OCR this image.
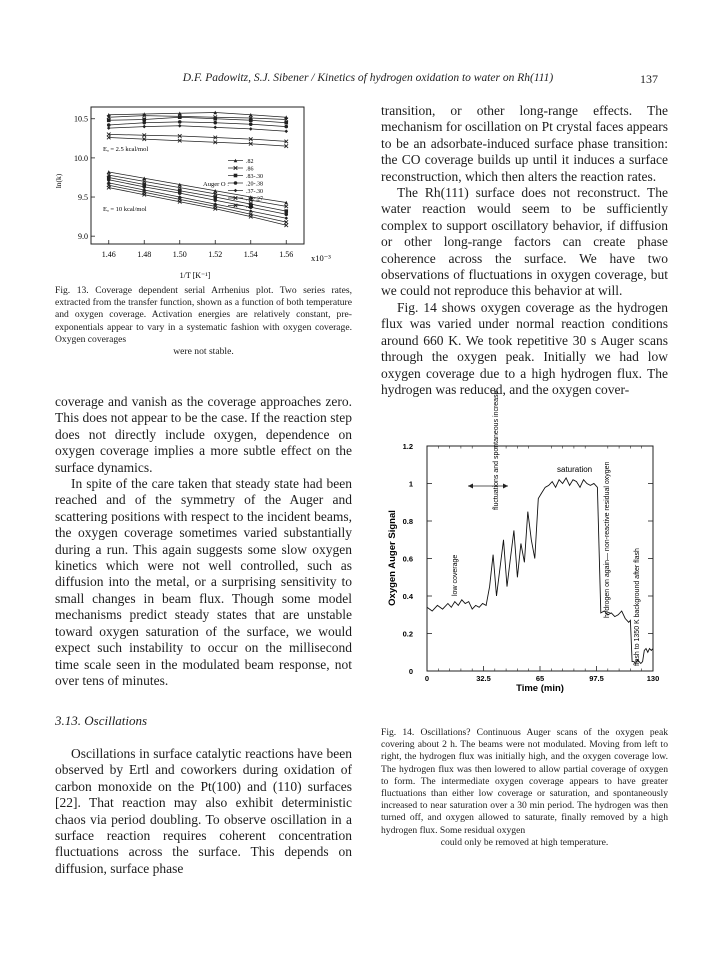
D.F. Padowitz, S.J. Sibener / Kinetics of hydrogen oxidation to water on Rh(111)	137
1.46	1.48	1.50	1.52	1.54	1.56
10.5
10.0
9.5
9.0
Eₐ = 2.5 kcal/mol
Eₐ = 10 kcal/mol
Auger O :
.82
.86
.83-.30
.20-.38
.37-.30
.18-.27
.24
ln(k)
1/T [K⁻¹]
x10⁻³
Fig. 13. Coverage dependent serial Arrhenius plot. Two series rates, extracted from the transfer function, shown as a function of both temperature and oxygen coverage. Activation energies are relatively constant, pre-exponentials appear to vary in a systematic fashion with oxygen coverage. Oxygen coverages
were not stable.

transition, or other long-range effects. The mechanism for oscillation on Pt crystal faces appears to be an adsorbate-induced surface phase transition: the CO coverage builds up until it induces a surface reconstruction, which then alters the reaction rates.

The Rh(111) surface does not reconstruct. The water reaction would seem to be sufficiently complex to support oscillatory behavior, if diffusion or other long-range factors can create phase coherence across the surface. We have two observations of fluctuations in oxygen coverage, but we could not reproduce this behavior at will.

Fig. 14 shows oxygen coverage as the hydrogen flux was varied under normal reaction conditions around 660 K. We took repetitive 30 s Auger scans through the oxygen peak. Initially we had low oxygen coverage due to a high hydrogen flux. The hydrogen was reduced, and the oxygen cover-

coverage and vanish as the coverage approaches zero. This does not appear to be the case. If the reaction step does not directly include oxygen, dependence on oxygen coverage implies a more subtle effect on the surface dynamics.

In spite of the care taken that steady state had been reached and of the symmetry of the Auger and scattering positions with respect to the incident beams, the oxygen coverage sometimes varied substantially during a run. This again suggests some slow oxygen kinetics which were not well controlled, such as diffusion into the metal, or a surprising sensitivity to small changes in beam flux. Though some model mechanisms predict steady states that are unstable toward oxygen saturation of the surface, we would expect such instability to occur on the millisecond time scale seen in the modulated beam response, not over tens of minutes.

3.13. Oscillations

Oscillations in surface catalytic reactions have been observed by Ertl and coworkers during oxidation of carbon monoxide on the Pt(100) and (110) surfaces [22]. That reaction may also exhibit deterministic chaos via period doubling. To observe oscillation in a surface reaction requires coherent concentration fluctuations across the surface. This depends on diffusion, surface phase

0	32.5	65	97.5	130
0
0.2
0.4
0.6
0.8
1
1.2
Oxygen Auger Signal
Time (min)
fluctuations and spontaneous increase	saturation
low coverage	hydrogen on again— non-reactive residual oxygen	flash to 1350 K background after flash
Fig. 14. Oscillations? Continuous Auger scans of the oxygen peak covering about 2 h. The beams were not modulated. Moving from left to right, the hydrogen flux was initially high, and the oxygen coverage low. The hydrogen flux was then lowered to allow partial coverage of oxygen to form. The intermediate oxygen coverage appears to have greater fluctuations than either low coverage or saturation, and spontaneously increased to near saturation over a 30 min period. The hydrogen was then turned off, and oxygen allowed to saturate, finally removed by a high hydrogen flux. Some residual oxygen
could only be removed at high temperature.
